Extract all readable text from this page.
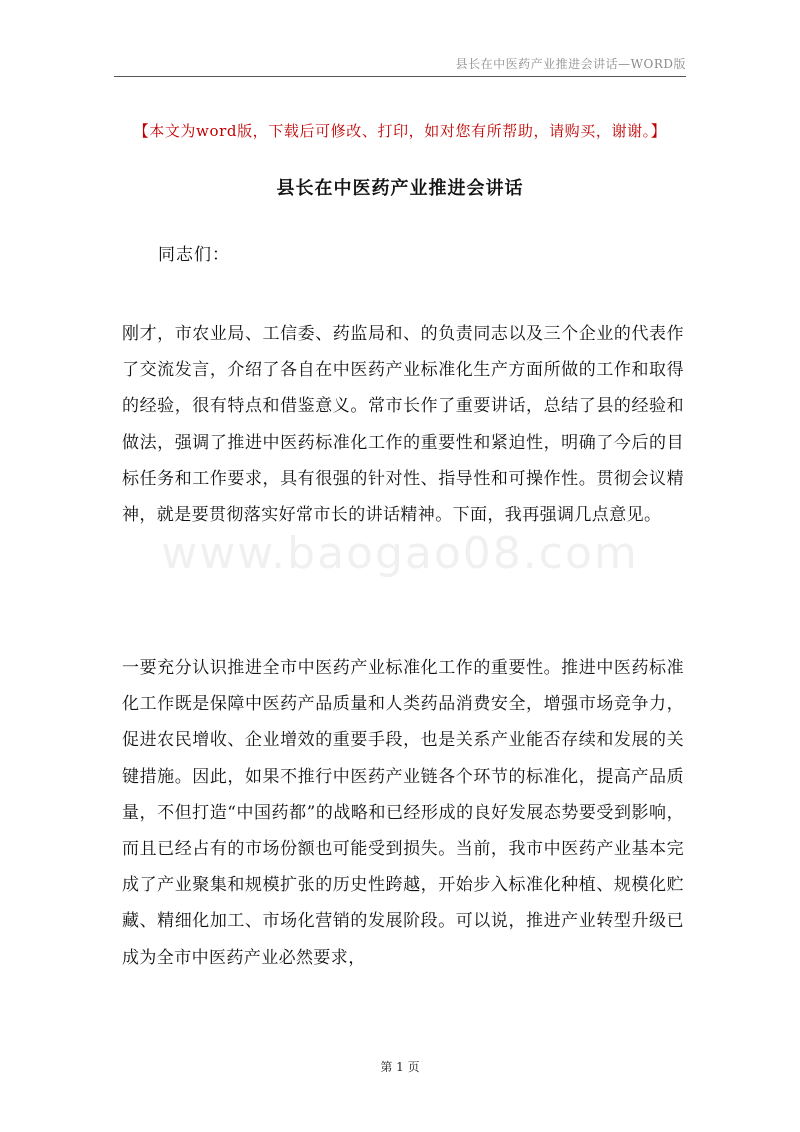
县长在中医药产业推进会讲话—WORD版
【本文为word版，下载后可修改、打印，如对您有所帮助，请购买，谢谢。】
县长在中医药产业推进会讲话
同志们：

刚才，市农业局、工信委、药监局和、的负责同志以及三个企业的代表作了交流发言，介绍了各自在中医药产业标准化生产方面所做的工作和取得的经验，很有特点和借鉴意义。常市长作了重要讲话，总结了县的经验和做法，强调了推进中医药标准化工作的重要性和紧迫性，明确了今后的目标任务和工作要求，具有很强的针对性、指导性和可操作性。贯彻会议精神，就是要贯彻落实好常市长的讲话精神。下面，我再强调几点意见。

www.baogao08.com

一要充分认识推进全市中医药产业标准化工作的重要性。推进中医药标准化工作既是保障中医药产品质量和人类药品消费安全，增强市场竞争力，促进农民增收、企业增效的重要手段，也是关系产业能否存续和发展的关键措施。因此，如果不推行中医药产业链各个环节的标准化，提高产品质量，不但打造“中国药都”的战略和已经形成的良好发展态势要受到影响，而且已经占有的市场份额也可能受到损失。当前，我市中医药产业基本完成了产业聚集和规模扩张的历史性跨越，开始步入标准化种植、规模化贮藏、精细化加工、市场化营销的发展阶段。可以说，推进产业转型升级已成为全市中医药产业必然要求，

第 1 页
